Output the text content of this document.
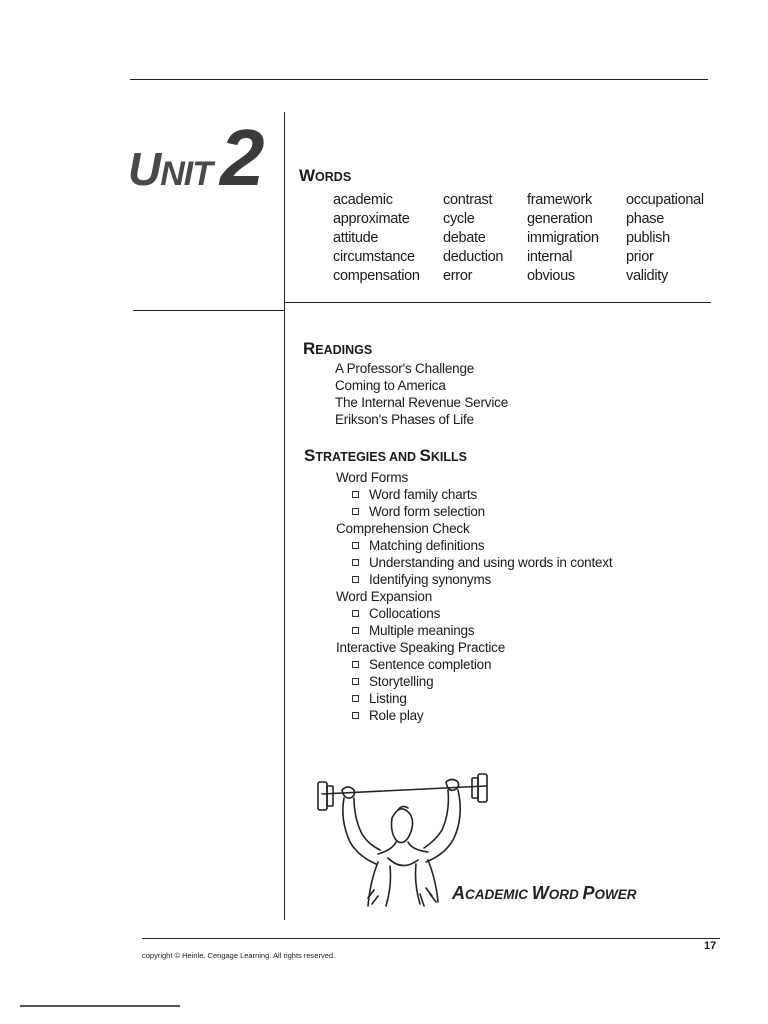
UNIT 2 WORDS
academic	contrast	framework	occupational
approximate	cycle	generation	phase
attitude	debate	immigration	publish
circumstance	deduction	internal	prior
compensation	error	obvious	validity
READINGS
A Professor's Challenge
Coming to America
The Internal Revenue Service
Erikson's Phases of Life
STRATEGIES AND SKILLS
Word Forms
Word family charts
Word form selection
Comprehension Check
Matching definitions
Understanding and using words in context
Identifying synonyms
Word Expansion
Collocations
Multiple meanings
Interactive Speaking Practice
Sentence completion
Storytelling
Listing
Role play
ACADEMIC WORD POWER
copyright © Heinle, Cengage Learning. All rights reserved.
17
